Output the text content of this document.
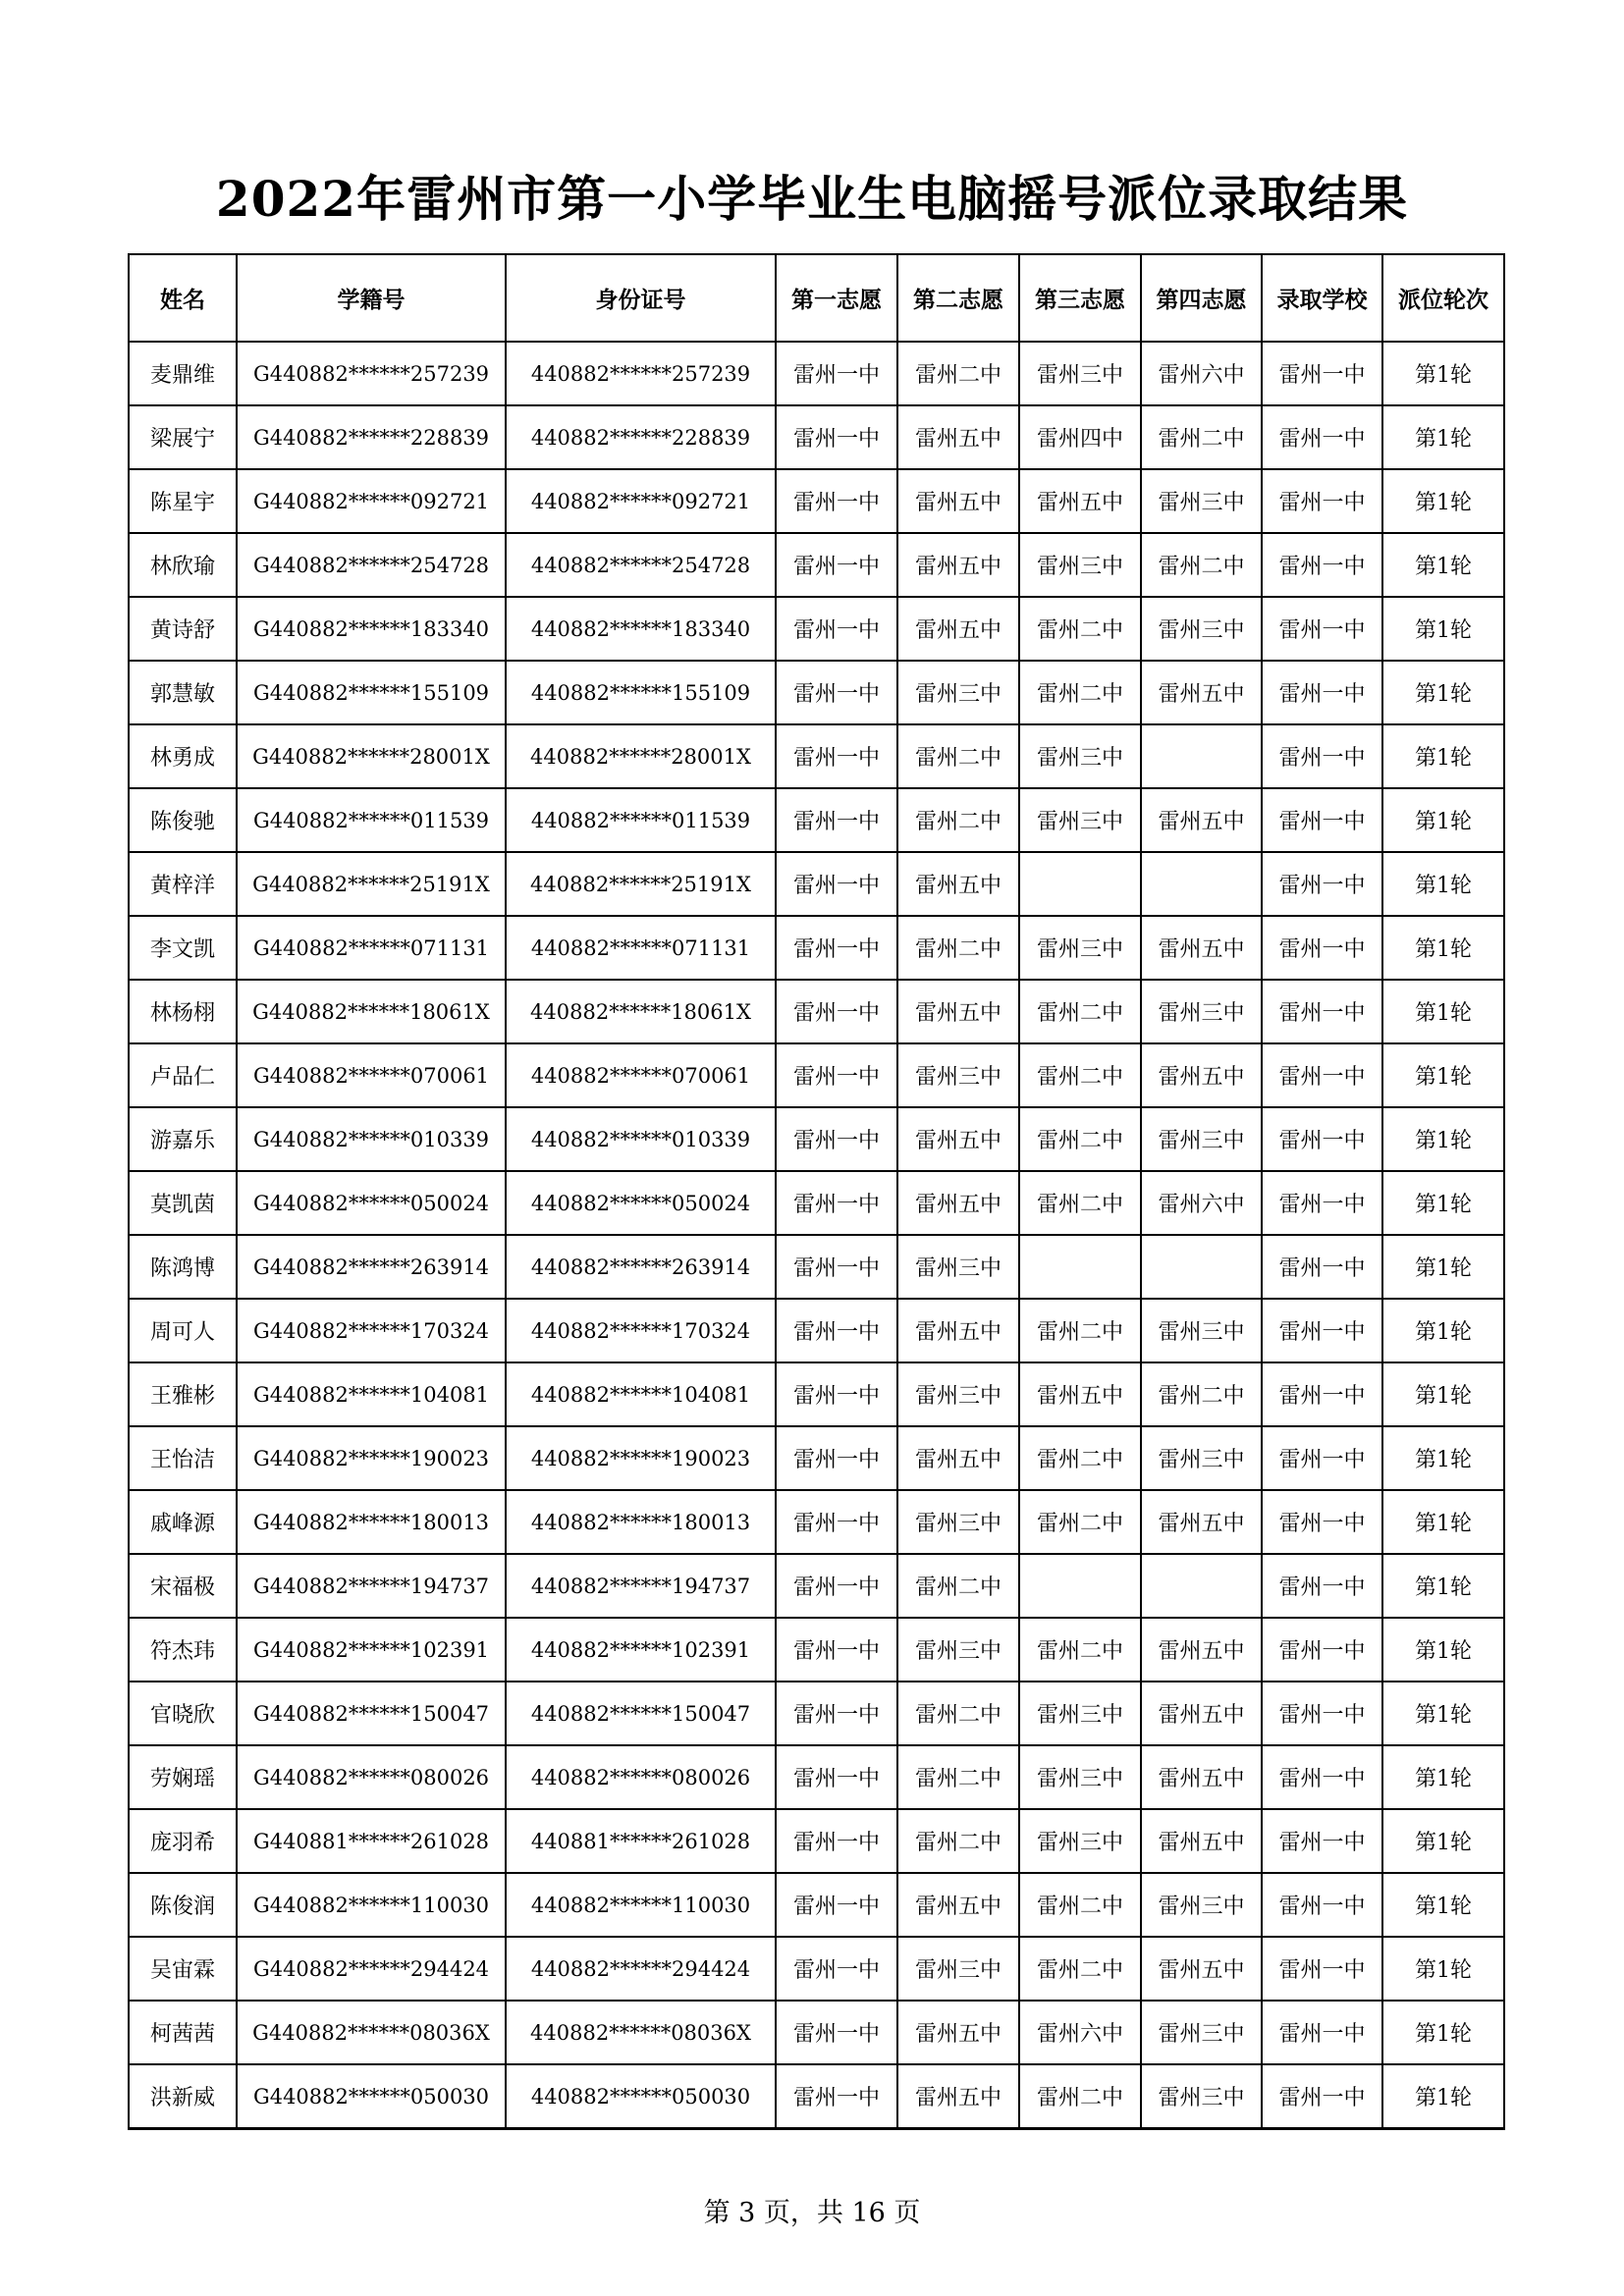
2022年雷州市第一小学毕业生电脑摇号派位录取结果
姓名	学籍号	身份证号	第一志愿	第二志愿	第三志愿	第四志愿	录取学校	派位轮次
麦鼎维	G440882******257239	440882******257239	雷州一中	雷州二中	雷州三中	雷州六中	雷州一中	第1轮
梁展宁	G440882******228839	440882******228839	雷州一中	雷州五中	雷州四中	雷州二中	雷州一中	第1轮
陈星宇	G440882******092721	440882******092721	雷州一中	雷州五中	雷州五中	雷州三中	雷州一中	第1轮
林欣瑜	G440882******254728	440882******254728	雷州一中	雷州五中	雷州三中	雷州二中	雷州一中	第1轮
黄诗舒	G440882******183340	440882******183340	雷州一中	雷州五中	雷州二中	雷州三中	雷州一中	第1轮
郭慧敏	G440882******155109	440882******155109	雷州一中	雷州三中	雷州二中	雷州五中	雷州一中	第1轮
林勇成	G440882******28001X	440882******28001X	雷州一中	雷州二中	雷州三中		雷州一中	第1轮
陈俊驰	G440882******011539	440882******011539	雷州一中	雷州二中	雷州三中	雷州五中	雷州一中	第1轮
黄梓洋	G440882******25191X	440882******25191X	雷州一中	雷州五中			雷州一中	第1轮
李文凯	G440882******071131	440882******071131	雷州一中	雷州二中	雷州三中	雷州五中	雷州一中	第1轮
林杨栩	G440882******18061X	440882******18061X	雷州一中	雷州五中	雷州二中	雷州三中	雷州一中	第1轮
卢品仁	G440882******070061	440882******070061	雷州一中	雷州三中	雷州二中	雷州五中	雷州一中	第1轮
游嘉乐	G440882******010339	440882******010339	雷州一中	雷州五中	雷州二中	雷州三中	雷州一中	第1轮
莫凯茵	G440882******050024	440882******050024	雷州一中	雷州五中	雷州二中	雷州六中	雷州一中	第1轮
陈鸿博	G440882******263914	440882******263914	雷州一中	雷州三中			雷州一中	第1轮
周可人	G440882******170324	440882******170324	雷州一中	雷州五中	雷州二中	雷州三中	雷州一中	第1轮
王雅彬	G440882******104081	440882******104081	雷州一中	雷州三中	雷州五中	雷州二中	雷州一中	第1轮
王怡洁	G440882******190023	440882******190023	雷州一中	雷州五中	雷州二中	雷州三中	雷州一中	第1轮
戚峰源	G440882******180013	440882******180013	雷州一中	雷州三中	雷州二中	雷州五中	雷州一中	第1轮
宋福极	G440882******194737	440882******194737	雷州一中	雷州二中			雷州一中	第1轮
符杰玮	G440882******102391	440882******102391	雷州一中	雷州三中	雷州二中	雷州五中	雷州一中	第1轮
官晓欣	G440882******150047	440882******150047	雷州一中	雷州二中	雷州三中	雷州五中	雷州一中	第1轮
劳娴瑶	G440882******080026	440882******080026	雷州一中	雷州二中	雷州三中	雷州五中	雷州一中	第1轮
庞羽希	G440881******261028	440881******261028	雷州一中	雷州二中	雷州三中	雷州五中	雷州一中	第1轮
陈俊润	G440882******110030	440882******110030	雷州一中	雷州五中	雷州二中	雷州三中	雷州一中	第1轮
吴宙霖	G440882******294424	440882******294424	雷州一中	雷州三中	雷州二中	雷州五中	雷州一中	第1轮
柯茜茜	G440882******08036X	440882******08036X	雷州一中	雷州五中	雷州六中	雷州三中	雷州一中	第1轮
洪新威	G440882******050030	440882******050030	雷州一中	雷州五中	雷州二中	雷州三中	雷州一中	第1轮
第 3 页，共 16 页
